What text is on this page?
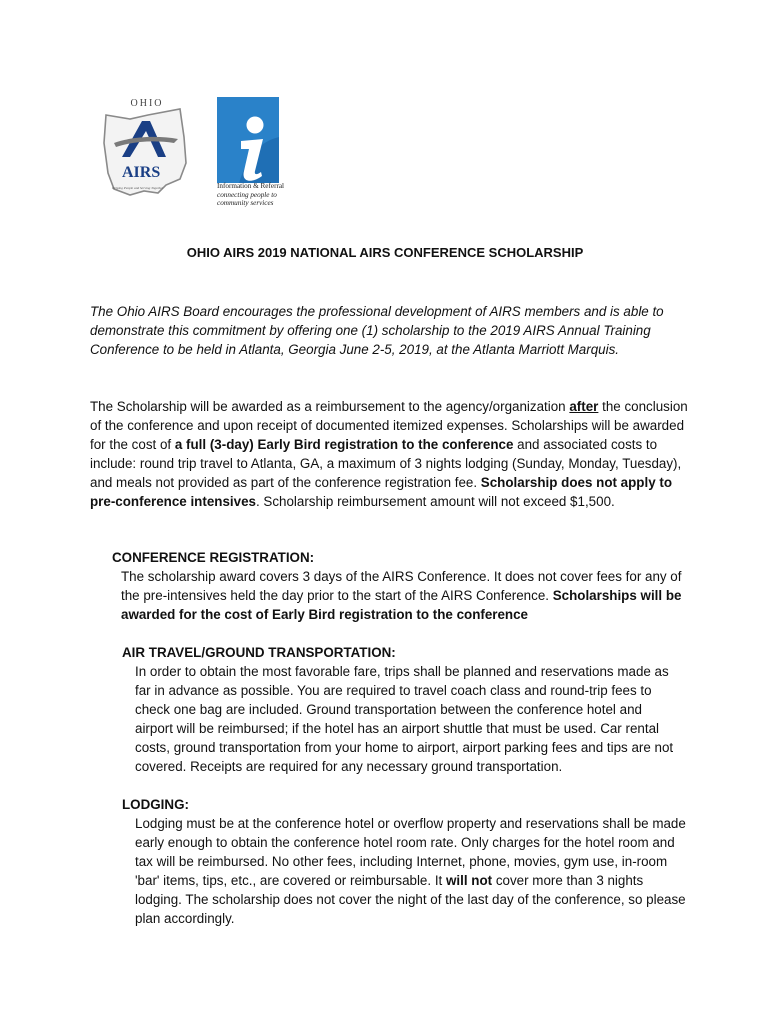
AIRS
Helping People and Serving Together
OHIO
Information & Referral
connecting people to
community services
OHIO AIRS 2019 NATIONAL AIRS CONFERENCE SCHOLARSHIP

The Ohio AIRS Board encourages the professional development of AIRS members and is able to demonstrate this commitment by offering one (1) scholarship to the 2019 AIRS Annual Training Conference to be held in Atlanta, Georgia June 2-5, 2019, at the Atlanta Marriott Marquis.

The Scholarship will be awarded as a reimbursement to the agency/organization after the conclusion of the conference and upon receipt of documented itemized expenses. Scholarships will be awarded for the cost of a full (3-day) Early Bird registration to the conference and associated costs to include: round trip travel to Atlanta, GA, a maximum of 3 nights lodging (Sunday, Monday, Tuesday), and meals not provided as part of the conference registration fee. Scholarship does not apply to pre-conference intensives. Scholarship reimbursement amount will not exceed $1,500.

CONFERENCE REGISTRATION:

The scholarship award covers 3 days of the AIRS Conference. It does not cover fees for any of the pre-intensives held the day prior to the start of the AIRS Conference. Scholarships will be awarded for the cost of Early Bird registration to the conference

AIR TRAVEL/GROUND TRANSPORTATION:

In order to obtain the most favorable fare, trips shall be planned and reservations made as far in advance as possible. You are required to travel coach class and round-trip fees to check one bag are included. Ground transportation between the conference hotel and airport will be reimbursed; if the hotel has an airport shuttle that must be used. Car rental costs, ground transportation from your home to airport, airport parking fees and tips are not covered. Receipts are required for any necessary ground transportation.

LODGING:

Lodging must be at the conference hotel or overflow property and reservations shall be made early enough to obtain the conference hotel room rate. Only charges for the hotel room and tax will be reimbursed. No other fees, including Internet, phone, movies, gym use, in-room 'bar' items, tips, etc., are covered or reimbursable. It will not cover more than 3 nights lodging. The scholarship does not cover the night of the last day of the conference, so please plan accordingly.
